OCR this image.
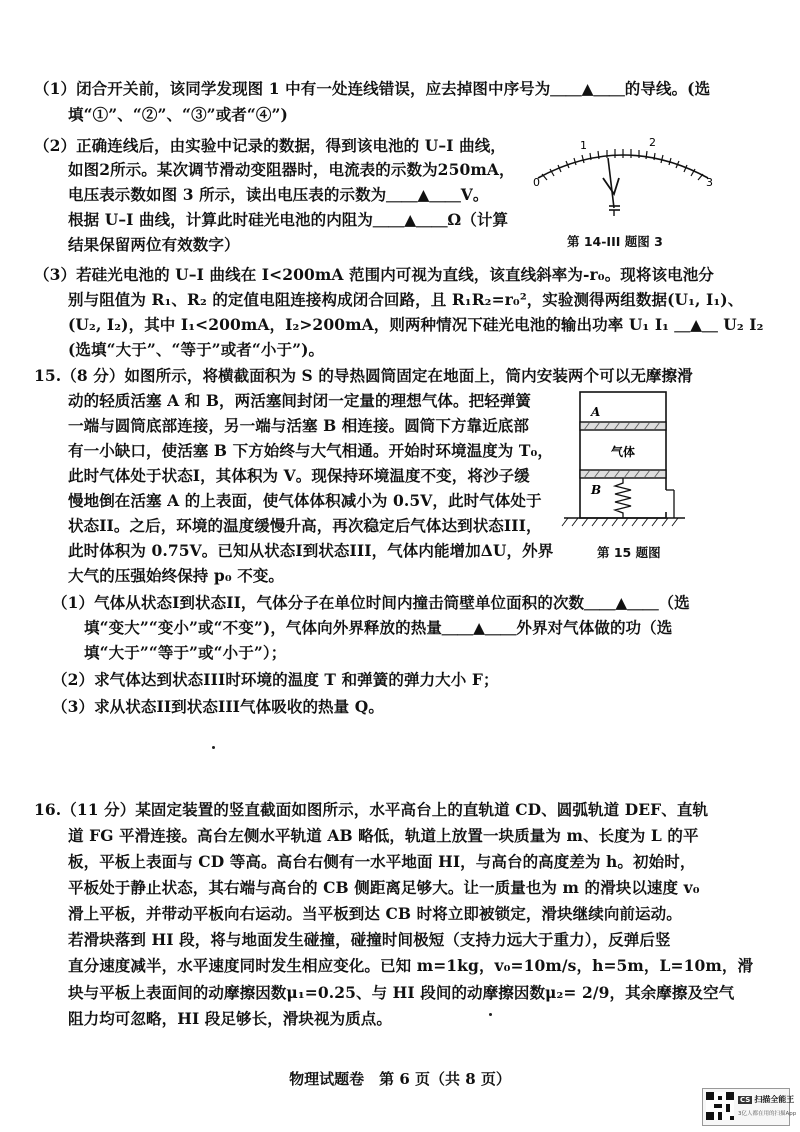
（1）闭合开关前，该同学发现图 1 中有一处连线错误，应去掉图中序号为＿＿▲＿＿的导线。(选
填“①”、“②”、“③”或者“④”)
（2）正确连线后，由实验中记录的数据，得到该电池的 U–I 曲线，
如图2所示。某次调节滑动变阻器时，电流表的示数为250mA，
电压表示数如图 3 所示，读出电压表的示数为＿＿▲＿＿V。
根据 U–I 曲线，计算此时硅光电池的内阻为＿＿▲＿＿Ω（计算
结果保留两位有效数字）
0
1	2
3
第 14-III 题图 3
（3）若硅光电池的 U–I 曲线在 I<200mA 范围内可视为直线，该直线斜率为-r₀。现将该电池分
别与阻值为 R₁、R₂ 的定值电阻连接构成闭合回路，且 R₁R₂=r₀²，实验测得两组数据(U₁, I₁)、
(U₂, I₂)，其中 I₁<200mA，I₂>200mA，则两种情况下硅光电池的输出功率 U₁ I₁ ＿▲＿ U₂ I₂
(选填“大于”、“等于”或者“小于”)。
15.（8 分）如图所示，将横截面积为 S 的导热圆筒固定在地面上，筒内安装两个可以无摩擦滑
动的轻质活塞 A 和 B，两活塞间封闭一定量的理想气体。把轻弹簧
一端与圆筒底部连接，另一端与活塞 B 相连接。圆筒下方靠近底部
有一小缺口，使活塞 B 下方始终与大气相通。开始时环境温度为 T₀，
此时气体处于状态I，其体积为 V。现保持环境温度不变，将沙子缓
慢地倒在活塞 A 的上表面，使气体体积减小为 0.5V，此时气体处于
状态II。之后，环境的温度缓慢升高，再次稳定后气体达到状态III，
此时体积为 0.75V。已知从状态I到状态III，气体内能增加ΔU，外界
大气的压强始终保持 p₀ 不变。
A
气体
B
第 15 题图
（1）气体从状态I到状态II，气体分子在单位时间内撞击筒壁单位面积的次数＿＿▲＿＿（选
填“变大”“变小”或“不变”)，气体向外界释放的热量＿＿▲＿＿外界对气体做的功（选
填“大于”“等于”或“小于”）；
（2）求气体达到状态III时环境的温度 T 和弹簧的弹力大小 F；
（3）求从状态II到状态III气体吸收的热量 Q。
16.（11 分）某固定装置的竖直截面如图所示，水平高台上的直轨道 CD、圆弧轨道 DEF、直轨
道 FG 平滑连接。高台左侧水平轨道 AB 略低，轨道上放置一块质量为 m、长度为 L 的平
板，平板上表面与 CD 等高。高台右侧有一水平地面 HI，与高台的高度差为 h。初始时，
平板处于静止状态，其右端与高台的 CB 侧距离足够大。让一质量也为 m 的滑块以速度 v₀
滑上平板，并带动平板向右运动。当平板到达 CB 时将立即被锁定，滑块继续向前运动。
若滑块落到 HI 段，将与地面发生碰撞，碰撞时间极短（支持力远大于重力），反弹后竖
直分速度减半，水平速度同时发生相应变化。已知 m=1kg，v₀=10m/s，h=5m，L=10m，滑
块与平板上表面间的动摩擦因数μ₁=0.25、与 HI 段间的动摩擦因数μ₂= 2/9，其余摩擦及空气
阻力均可忽略，HI 段足够长，滑块视为质点。
物理试题卷　第 6 页（共 8 页）
CS 扫描全能王
3亿人都在用的扫描App
